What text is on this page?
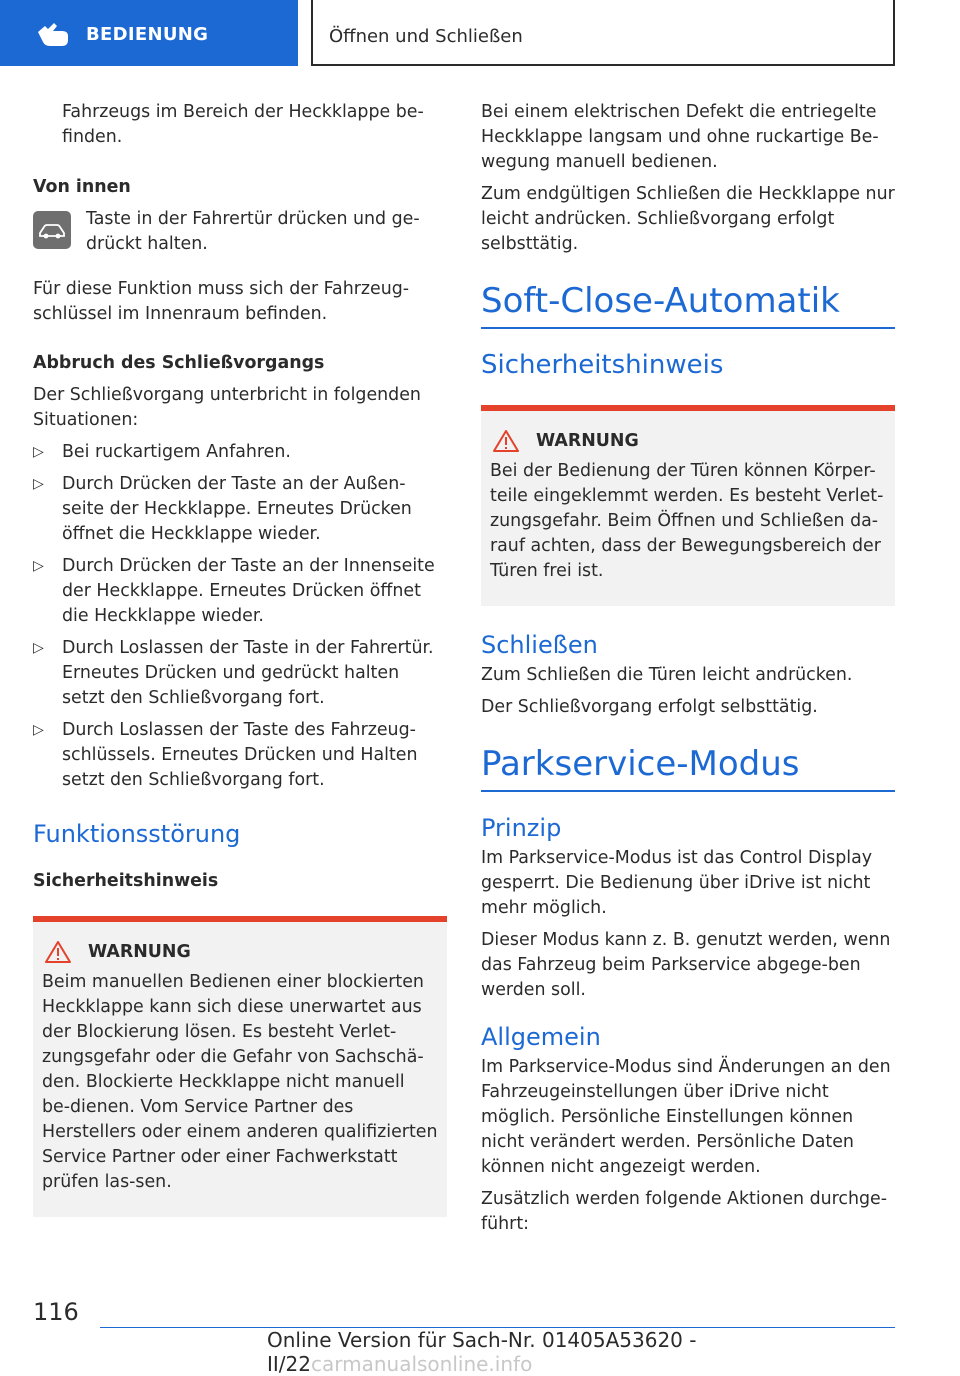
BEDIENUNG	Öffnen und Schließen

Fahrzeugs im Bereich der Heckklappe be-finden.

Von innen

Taste in der Fahrertür drücken und ge-drückt halten.

Für diese Funktion muss sich der Fahrzeug-schlüssel im Innenraum befinden.

Abbruch des Schließvorgangs

Der Schließvorgang unterbricht in folgenden Situationen:

▷ Bei ruckartigem Anfahren.
▷ Durch Drücken der Taste an der Außen-seite der Heckklappe. Erneutes Drücken öffnet die Heckklappe wieder.
▷ Durch Drücken der Taste an der Innenseite der Heckklappe. Erneutes Drücken öffnet die Heckklappe wieder.
▷ Durch Loslassen der Taste in der Fahrertür. Erneutes Drücken und gedrückt halten setzt den Schließvorgang fort.
▷ Durch Loslassen der Taste des Fahrzeug-schlüssels. Erneutes Drücken und Halten setzt den Schließvorgang fort.
Funktionsstörung

Sicherheitshinweis

WARNUNG

Beim manuellen Bedienen einer blockierten Heckklappe kann sich diese unerwartet aus der Blockierung lösen. Es besteht Verlet-zungsgefahr oder die Gefahr von Sachschä-den. Blockierte Heckklappe nicht manuell be-dienen. Vom Service Partner des Herstellers oder einem anderen qualifizierten Service Partner oder einer Fachwerkstatt prüfen las-sen.

Bei einem elektrischen Defekt die entriegelte Heckklappe langsam und ohne ruckartige Be-wegung manuell bedienen.

Zum endgültigen Schließen die Heckklappe nur leicht andrücken. Schließvorgang erfolgt selbsttätig.

Soft-Close-Automatik
Sicherheitshinweis
WARNUNG

Bei der Bedienung der Türen können Körper-teile eingeklemmt werden. Es besteht Verlet-zungsgefahr. Beim Öffnen und Schließen da-rauf achten, dass der Bewegungsbereich der Türen frei ist.

Schließen

Zum Schließen die Türen leicht andrücken.

Der Schließvorgang erfolgt selbsttätig.

Parkservice-Modus
Prinzip

Im Parkservice-Modus ist das Control Display gesperrt. Die Bedienung über iDrive ist nicht mehr möglich.

Dieser Modus kann z. B. genutzt werden, wenn das Fahrzeug beim Parkservice abgege-ben werden soll.

Allgemein

Im Parkservice-Modus sind Änderungen an den Fahrzeugeinstellungen über iDrive nicht möglich. Persönliche Einstellungen können nicht verändert werden. Persönliche Daten können nicht angezeigt werden.

Zusätzlich werden folgende Aktionen durchge-führt:

116
Online Version für Sach-Nr. 01405A53620 - II/22carmanualsonline.info
